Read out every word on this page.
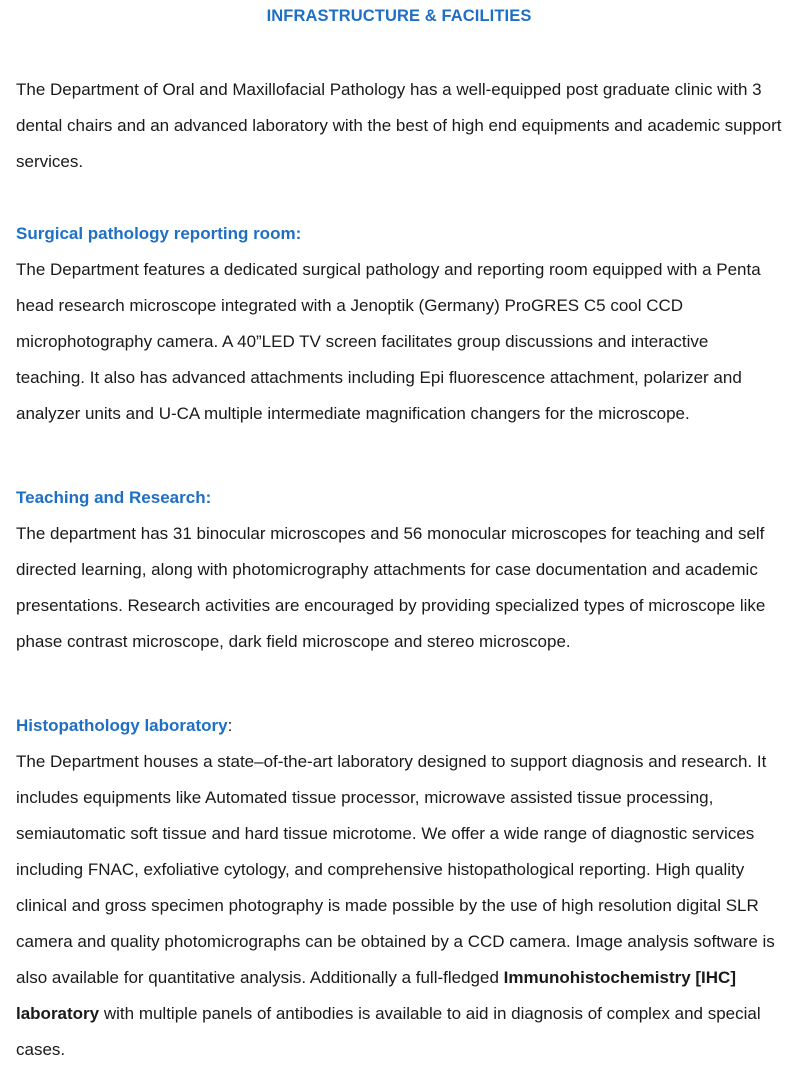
INFRASTRUCTURE & FACILITIES

The Department of Oral and Maxillofacial Pathology has a well-equipped post graduate clinic with 3 dental chairs and an advanced laboratory with the best of high end equipments and academic support services.

Surgical pathology reporting room:

The Department features a dedicated surgical pathology and reporting room equipped with a Penta head research microscope integrated with a Jenoptik (Germany) ProGRES C5 cool CCD microphotography camera. A 40”LED TV screen facilitates group discussions and interactive teaching. It also has advanced attachments including Epi fluorescence attachment, polarizer and analyzer units and U-CA multiple intermediate magnification changers for the microscope.

Teaching and Research:

The department has 31 binocular microscopes and 56 monocular microscopes for teaching and self directed learning, along with photomicrography attachments for case documentation and academic presentations. Research activities are encouraged by providing specialized types of microscope like phase contrast microscope, dark field microscope and stereo microscope.

Histopathology laboratory:

The Department houses a state–of-the-art laboratory designed to support diagnosis and research. It includes equipments like Automated tissue processor, microwave assisted tissue processing, semiautomatic soft tissue and hard tissue microtome. We offer a wide range of diagnostic services including FNAC, exfoliative cytology, and comprehensive histopathological reporting. High quality clinical and gross specimen photography is made possible by the use of high resolution digital SLR camera and quality photomicrographs can be obtained by a CCD camera. Image analysis software is also available for quantitative analysis. Additionally a full-fledged Immunohistochemistry [IHC] laboratory with multiple panels of antibodies is available to aid in diagnosis of complex and special cases.
